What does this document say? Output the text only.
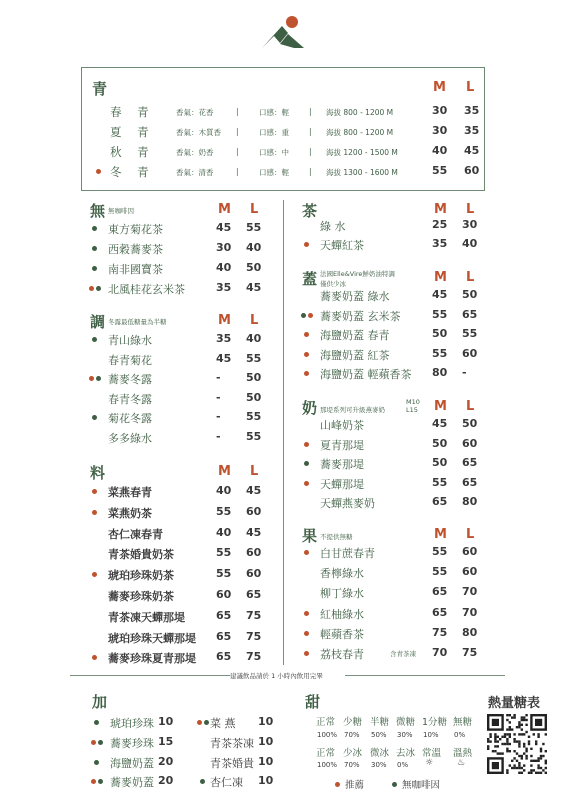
青	M L
春 青	香氣：花香	|	口感：輕	| 海拔 800 - 1200 M	30 35
夏 青	香氣：木質香 |	口感：重	| 海拔 800 - 1200 M	30 35
秋 青	香氣：奶香	|	口感：中	| 海拔 1200 - 1500 M	40 45
冬 青	香氣：清香	|	口感：輕	| 海拔 1300 - 1600 M	55 60
無咖啡因
無	M L
東方菊花茶	45 55
西穀蕎麥茶	30 40
南非國寶茶	40 50
北風桂花玄米茶	35 45
冬露最低糖量為半糖
調	M L
青山綠水	35 40
春青菊花	45 55
蕎麥冬露	- 50
春青冬露	- 50
菊花冬露	- 55
多多綠水	- 55
料	M L
菜燕春青	40 45
菜燕奶茶	55 60
杏仁凍春青	40 45
青茶婚貴奶茶	55 60
琥珀珍珠奶茶	55 60
蕎麥珍珠奶茶	60 65
青茶凍天蟬那堤	65 75
琥珀珍珠天蟬那堤 65 75
蕎麥珍珠夏青那堤 65 75
茶	M L
綠 水	25 30
天蟬紅茶	35 40
法國Elle&Vire鮮奶油特調
僅供少冰
蓋	M L
蕎麥奶蓋 綠水	45 50
蕎麥奶蓋 玄米茶	55 65
海鹽奶蓋 春青	50 55
海鹽奶蓋 紅茶	55 60
海鹽奶蓋 輕蘋香茶 80 -
那堤系列可升級燕麥奶
M10
L15
奶	M L
山峰奶茶	45 50
夏青那堤	50 60
蕎麥那堤	50 65
天蟬那堤	55 65
天蟬燕麥奶	65 80
不提供無糖
果	M L
白甘蔗春青	55 60
香檸綠水	55 60
柳丁綠水	65 70
紅柚綠水	65 70
輕蘋香茶	75 80
荔枝春青	含青茶凍 70 75
建議飲品請於 1 小時內飲用完畢
加
琥珀珍珠 10
蕎麥珍珠 15
海鹽奶蓋 20
蕎麥奶蓋 20
菜 燕 10
青茶茶凍 10
青茶婚貴 10
杏仁凍 10
甜
正常 少糖 半糖 微糖 1分糖 無糖
100% 70% 50% 30% 10% 0%
正常 少冰 微冰 去冰 常溫 溫熱
100% 70% 30% 0% ☼	♨
熱量糖表
推薦	無咖啡因
